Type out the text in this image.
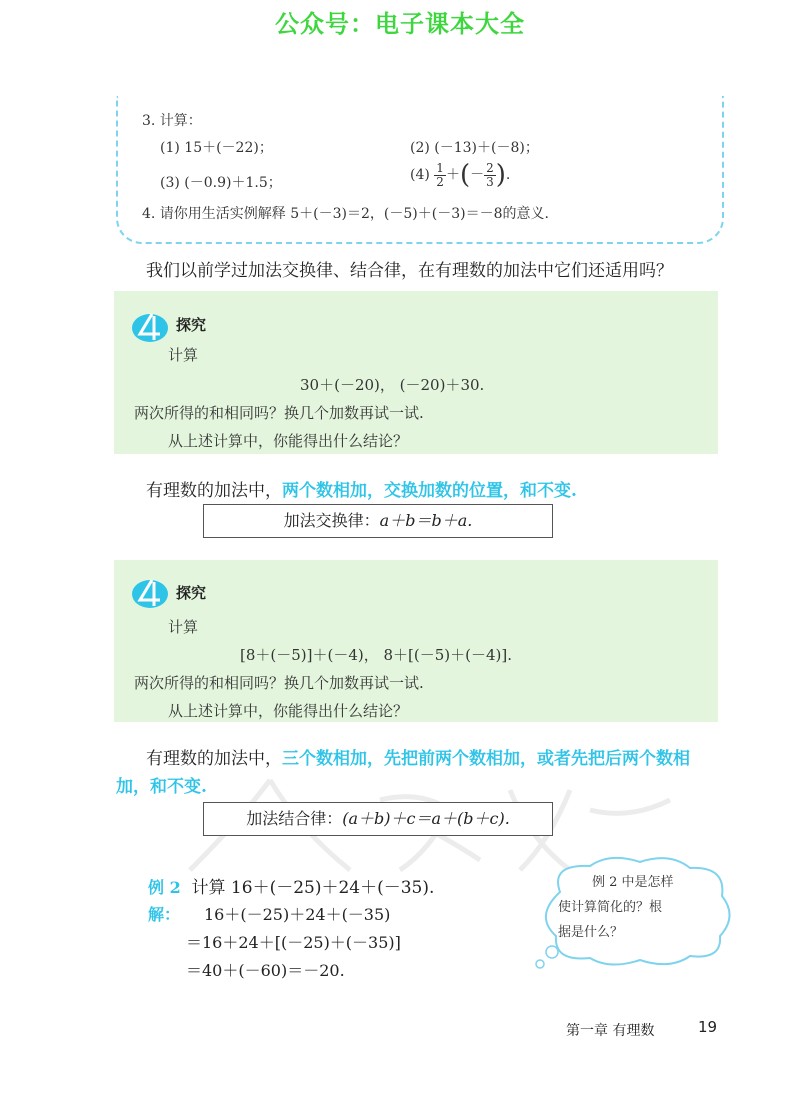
公众号：电子课本大全
3. 计算：
(1) 15＋(－22)；	(2) (－13)＋(－8)；
(3) (－0.9)＋1.5；	$(4) \frac{1}{2}$ ＋(－ $\frac{2}{3}$ ).
4. 请你用生活实例解释 5＋(－3)＝2，(－5)＋(－3)＝－8的意义.
我们以前学过加法交换律、结合律，在有理数的加法中它们还适用吗？
探究
计算
30＋(－20)， (－20)＋30.
两次所得的和相同吗？换几个加数再试一试.
从上述计算中，你能得出什么结论？
有理数的加法中，两个数相加，交换加数的位置，和不变.
加法交换律：a＋b＝b＋a.
探究
计算
[8＋(－5)]＋(－4)， 8＋[(－5)＋(－4)].
两次所得的和相同吗？换几个加数再试一试.
从上述计算中，你能得出什么结论？
有理数的加法中，三个数相加，先把前两个数相加，或者先把后两个数相
加，和不变.
加法结合律：(a＋b)＋c＝a＋(b＋c).
例 2 计算 16＋(－25)＋24＋(－35).
解： 16＋(－25)＋24＋(－35)
＝16＋24＋[(－25)＋(－35)]
＝40＋(－60)＝－20.
例 2 中是怎样
使计算简化的？根
据是什么？
第一章 有理数	19
